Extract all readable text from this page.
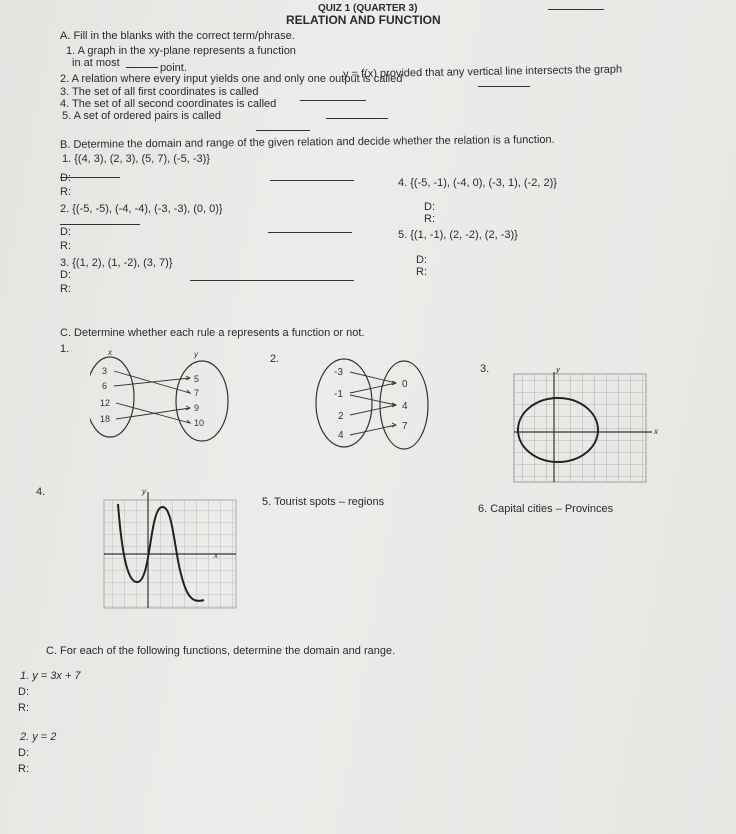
QUIZ 1 (QUARTER 3)
RELATION AND FUNCTION
A. Fill in the blanks with the correct term/phrase.
1. A graph in the xy-plane represents a function
y = f(x) provided that any vertical line intersects the graph
in at most	point.
2. A relation where every input yields one and only one output is called
3. The set of all first coordinates is called
4. The set of all second coordinates is called
5. A set of ordered pairs is called
B. Determine the domain and range of the given relation and decide whether the relation is a function.
1. {(4, 3), (2, 3), (5, 7), (-5, -3)}
D:
R:
4. {(-5, -1), (-4, 0), (-3, 1), (-2, 2)}
D:
R:
2. {(-5, -5), (-4, -4), (-3, -3), (0, 0)}
D:
R:
5. {(1, -1), (2, -2), (2, -3)}
D:
R:
3. {(1, 2), (1, -2), (3, 7)}
D:
R:
C. Determine whether each rule a represents a function or not.
1.
2.
3.
x	y
3
6
12
18
5
7
9
10
-3
-1
2
4
0
4
7	x
y
4.
x
y
5. Tourist spots – regions
6. Capital cities – Provinces
C. For each of the following functions, determine the domain and range.
1. y = 3x + 7
D:
R:
2. y = 2
D:
R:
